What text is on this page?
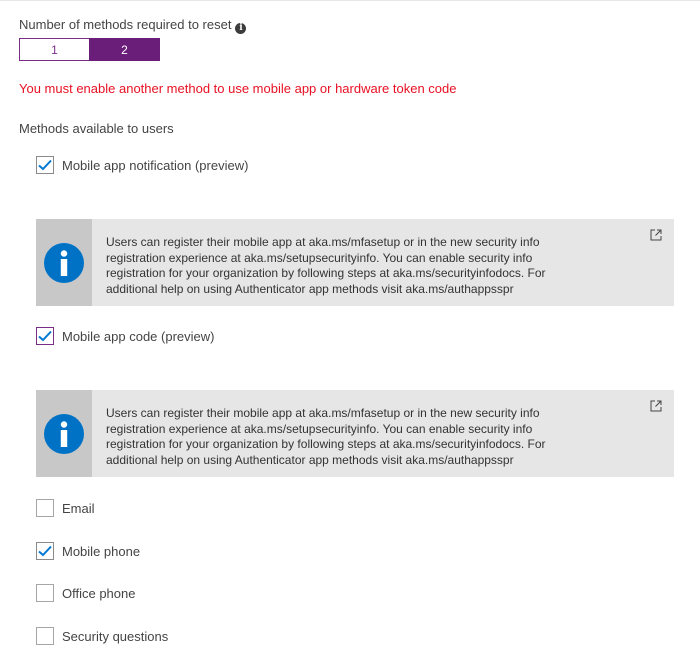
Number of methods required to reset i
1	2
You must enable another method to use mobile app or hardware token code
Methods available to users
Mobile app notification (preview)
Users can register their mobile app at aka.ms/mfasetup or in the new security info
registration experience at aka.ms/setupsecurityinfo. You can enable security info
registration for your organization by following steps at aka.ms/securityinfodocs. For
additional help on using Authenticator app methods visit aka.ms/authappsspr
Mobile app code (preview)
Users can register their mobile app at aka.ms/mfasetup or in the new security info
registration experience at aka.ms/setupsecurityinfo. You can enable security info
registration for your organization by following steps at aka.ms/securityinfodocs. For
additional help on using Authenticator app methods visit aka.ms/authappsspr
Email
Mobile phone
Office phone
Security questions
